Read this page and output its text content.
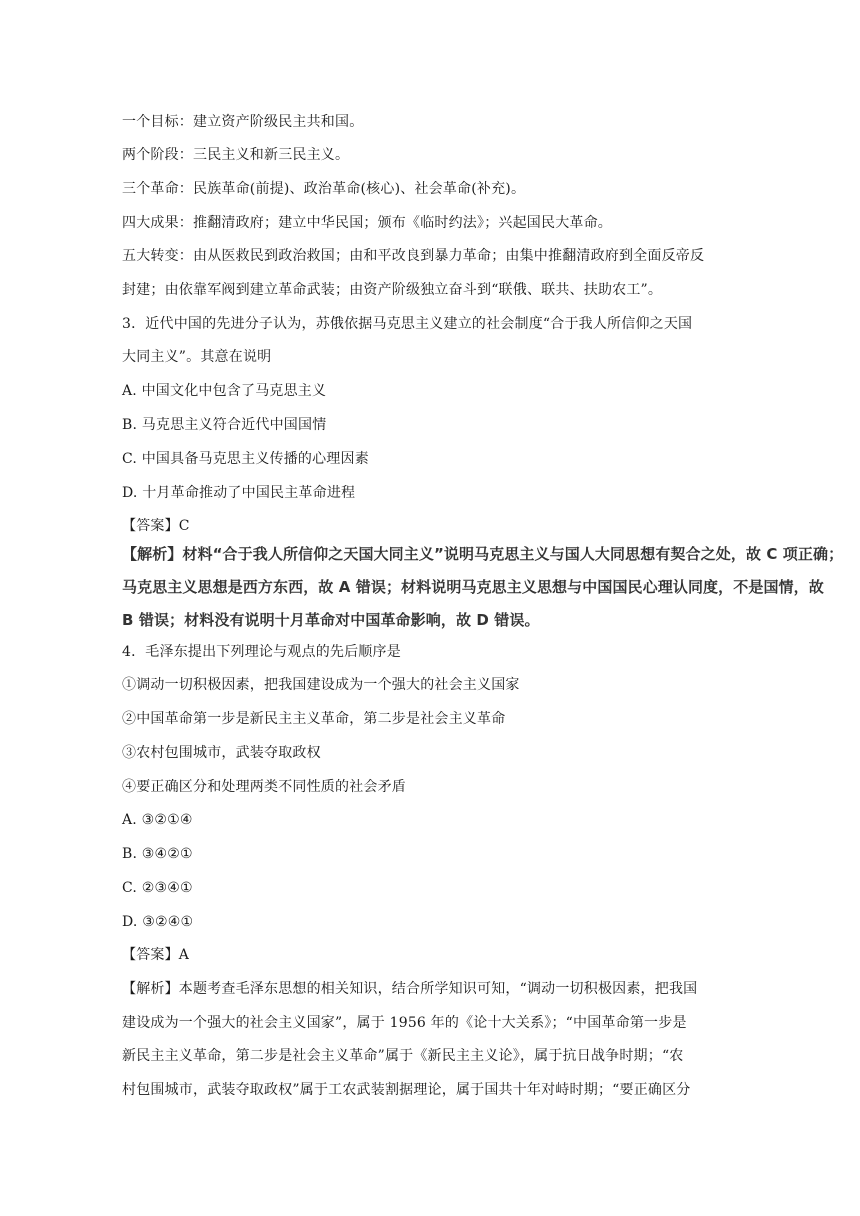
一个目标：建立资产阶级民主共和国。
两个阶段：三民主义和新三民主义。
三个革命：民族革命(前提)、政治革命(核心)、社会革命(补充)。
四大成果：推翻清政府；建立中华民国；颁布《临时约法》；兴起国民大革命。
五大转变：由从医救民到政治救国；由和平改良到暴力革命；由集中推翻清政府到全面反帝反
封建；由依靠军阀到建立革命武装；由资产阶级独立奋斗到“联俄、联共、扶助农工”。
3．近代中国的先进分子认为，苏俄依据马克思主义建立的社会制度“合于我人所信仰之天国
大同主义”。其意在说明
A. 中国文化中包含了马克思主义
B. 马克思主义符合近代中国国情
C. 中国具备马克思主义传播的心理因素
D. 十月革命推动了中国民主革命进程
【答案】C
【解析】材料“合于我人所信仰之天国大同主义”说明马克思主义与国人大同思想有契合之处，故 C 项正确；
马克思主义思想是西方东西，故 A 错误；材料说明马克思主义思想与中国国民心理认同度，不是国情，故
B 错误；材料没有说明十月革命对中国革命影响，故 D 错误。
4．毛泽东提出下列理论与观点的先后顺序是
①调动一切积极因素，把我国建设成为一个强大的社会主义国家
②中国革命第一步是新民主主义革命，第二步是社会主义革命
③农村包围城市，武装夺取政权
④要正确区分和处理两类不同性质的社会矛盾
A. ③②①④
B. ③④②①
C. ②③④①
D. ③②④①
【答案】A
【解析】本题考查毛泽东思想的相关知识，结合所学知识可知，“调动一切积极因素，把我国
建设成为一个强大的社会主义国家”，属于 1956 年的《论十大关系》；“中国革命第一步是
新民主主义革命，第二步是社会主义革命”属于《新民主主义论》，属于抗日战争时期；“农
村包围城市，武装夺取政权”属于工农武装割据理论，属于国共十年对峙时期；“要正确区分
